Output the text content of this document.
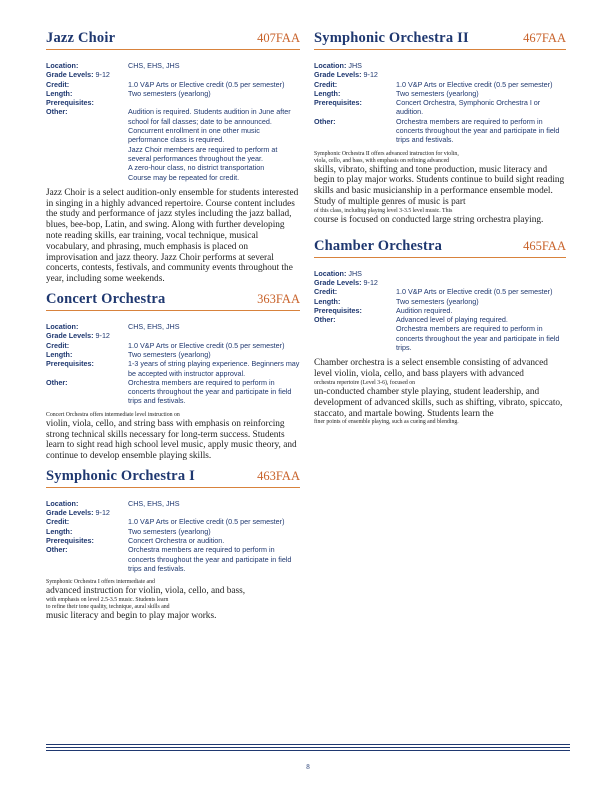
Jazz Choir	407FAA
Location:	CHS, EHS, JHS
Grade Levels: 9-12
Credit:	1.0 V&P Arts or Elective credit (0.5 per semester)
Length:	Two semesters (yearlong)
Prerequisites:
Other:	Audition is required. Students audition in June after school for fall classes; date to be announced.
Concurrent enrollment in one other music performance class is required.
Jazz Choir members are required to perform at several performances throughout the year.
A zero-hour class, no district transportation
Course may be repeated for credit.
Jazz Choir is a select audition-only ensemble for students interested in singing in a highly advanced repertoire. Course content includes the study and performance of jazz styles including the jazz ballad, blues, bee-bop, Latin, and swing. Along with further developing note reading skills, ear training, vocal technique, musical vocabulary, and phrasing, much emphasis is placed on improvisation and jazz theory. Jazz Choir performs at several concerts, contests, festivals, and community events throughout the year, including some weekends.
Concert Orchestra	363FAA
Location:	CHS, EHS, JHS
Grade Levels: 9-12
Credit:	1.0 V&P Arts or Elective credit (0.5 per semester)
Length:	Two semesters (yearlong)
Prerequisites:	1-3 years of string playing experience. Beginners may be accepted with instructor approval.
Other:	Orchestra members are required to perform in concerts throughout the year and participate in field trips and festivals.
Concert Orchestra offers intermediate level instruction on
violin, viola, cello, and string bass with emphasis on reinforcing strong technical skills necessary for long-term success. Students learn to sight read high school level music, apply music theory, and continue to develop ensemble playing skills.
Symphonic Orchestra I	463FAA
Location:	CHS, EHS, JHS
Grade Levels: 9-12
Credit:	1.0 V&P Arts or Elective credit (0.5 per semester)
Length:	Two semesters (yearlong)
Prerequisites:	Concert Orchestra or audition.
Other:	Orchestra members are required to perform in concerts throughout the year and participate in field trips and festivals.
Symphonic Orchestra I offers intermediate and
advanced instruction for violin, viola, cello, and bass,
with emphasis on level 2.5-3.5 music. Students learn
to refine their tone quality, technique, aural skills and
music literacy and begin to play major works.
Symphonic Orchestra II	467FAA
Location: JHS
Grade Levels: 9-12
Credit:	1.0 V&P Arts or Elective credit (0.5 per semester)
Length:	Two semesters (yearlong)
Prerequisites:	Concert Orchestra, Symphonic Orchestra I or audition.
Other:	Orchestra members are required to perform in concerts throughout the year and participate in field trips and festivals.
Symphonic Orchestra II offers advanced instruction for violin,
viola, cello, and bass, with emphasis on refining advanced
skills, vibrato, shifting and tone production, music literacy and begin to play major works. Students continue to build sight reading skills and basic musicianship in a performance ensemble model. Study of multiple genres of music is part
of this class, including playing level 3-3.5 level music. This
course is focused on conducted large string orchestra playing.
Chamber Orchestra	465FAA
Location: JHS
Grade Levels: 9-12
Credit:	1.0 V&P Arts or Elective credit (0.5 per semester)
Length:	Two semesters (yearlong)
Prerequisites:	Audition required.
Other:	Advanced level of playing required.
Orchestra members are required to perform in concerts throughout the year and participate in field trips.
Chamber orchestra is a select ensemble consisting of advanced level violin, viola, cello, and bass players with advanced
orchestra repertoire (Level 3-6), focused on
un-conducted chamber style playing, student leadership, and development of advanced skills, such as shifting, vibrato, spiccato, staccato, and martale bowing. Students learn the
finer points of ensemble playing, such as cueing and blending.
8
